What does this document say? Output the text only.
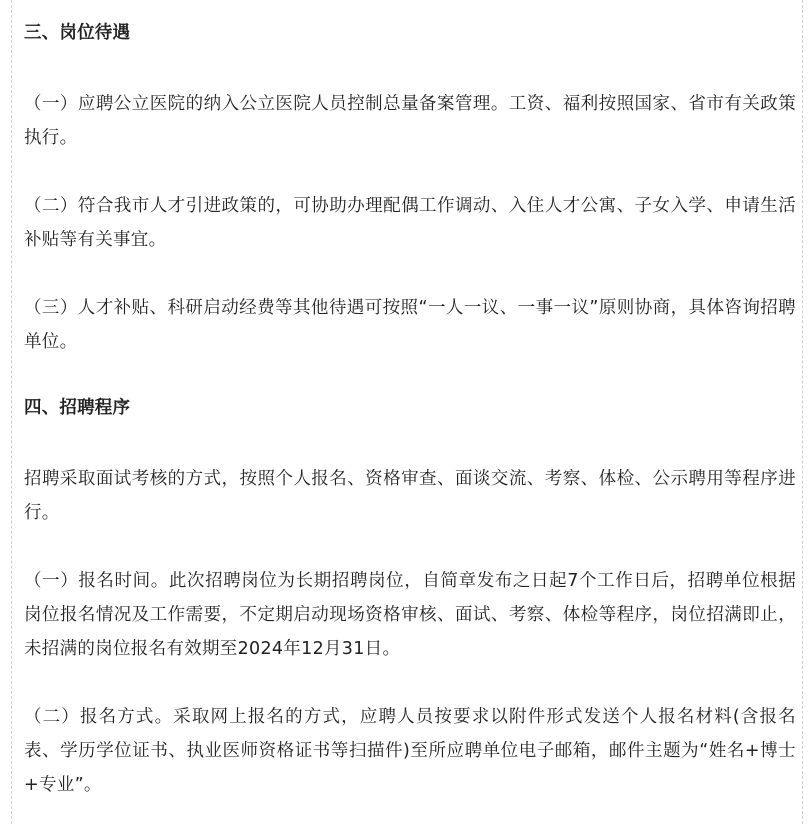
三、岗位待遇

（一）应聘公立医院的纳入公立医院人员控制总量备案管理。工资、福利按照国家、省市有关政策执行。

（二）符合我市人才引进政策的，可协助办理配偶工作调动、入住人才公寓、子女入学、申请生活补贴等有关事宜。

（三）人才补贴、科研启动经费等其他待遇可按照“一人一议、一事一议”原则协商，具体咨询招聘单位。

四、招聘程序

招聘采取面试考核的方式，按照个人报名、资格审查、面谈交流、考察、体检、公示聘用等程序进行。

（一）报名时间。此次招聘岗位为长期招聘岗位，自简章发布之日起7个工作日后，招聘单位根据岗位报名情况及工作需要，不定期启动现场资格审核、面试、考察、体检等程序，岗位招满即止，未招满的岗位报名有效期至2024年12月31日。

（二）报名方式。采取网上报名的方式，应聘人员按要求以附件形式发送个人报名材料(含报名表、学历学位证书、执业医师资格证书等扫描件)至所应聘单位电子邮箱，邮件主题为“姓名+博士+专业”。
